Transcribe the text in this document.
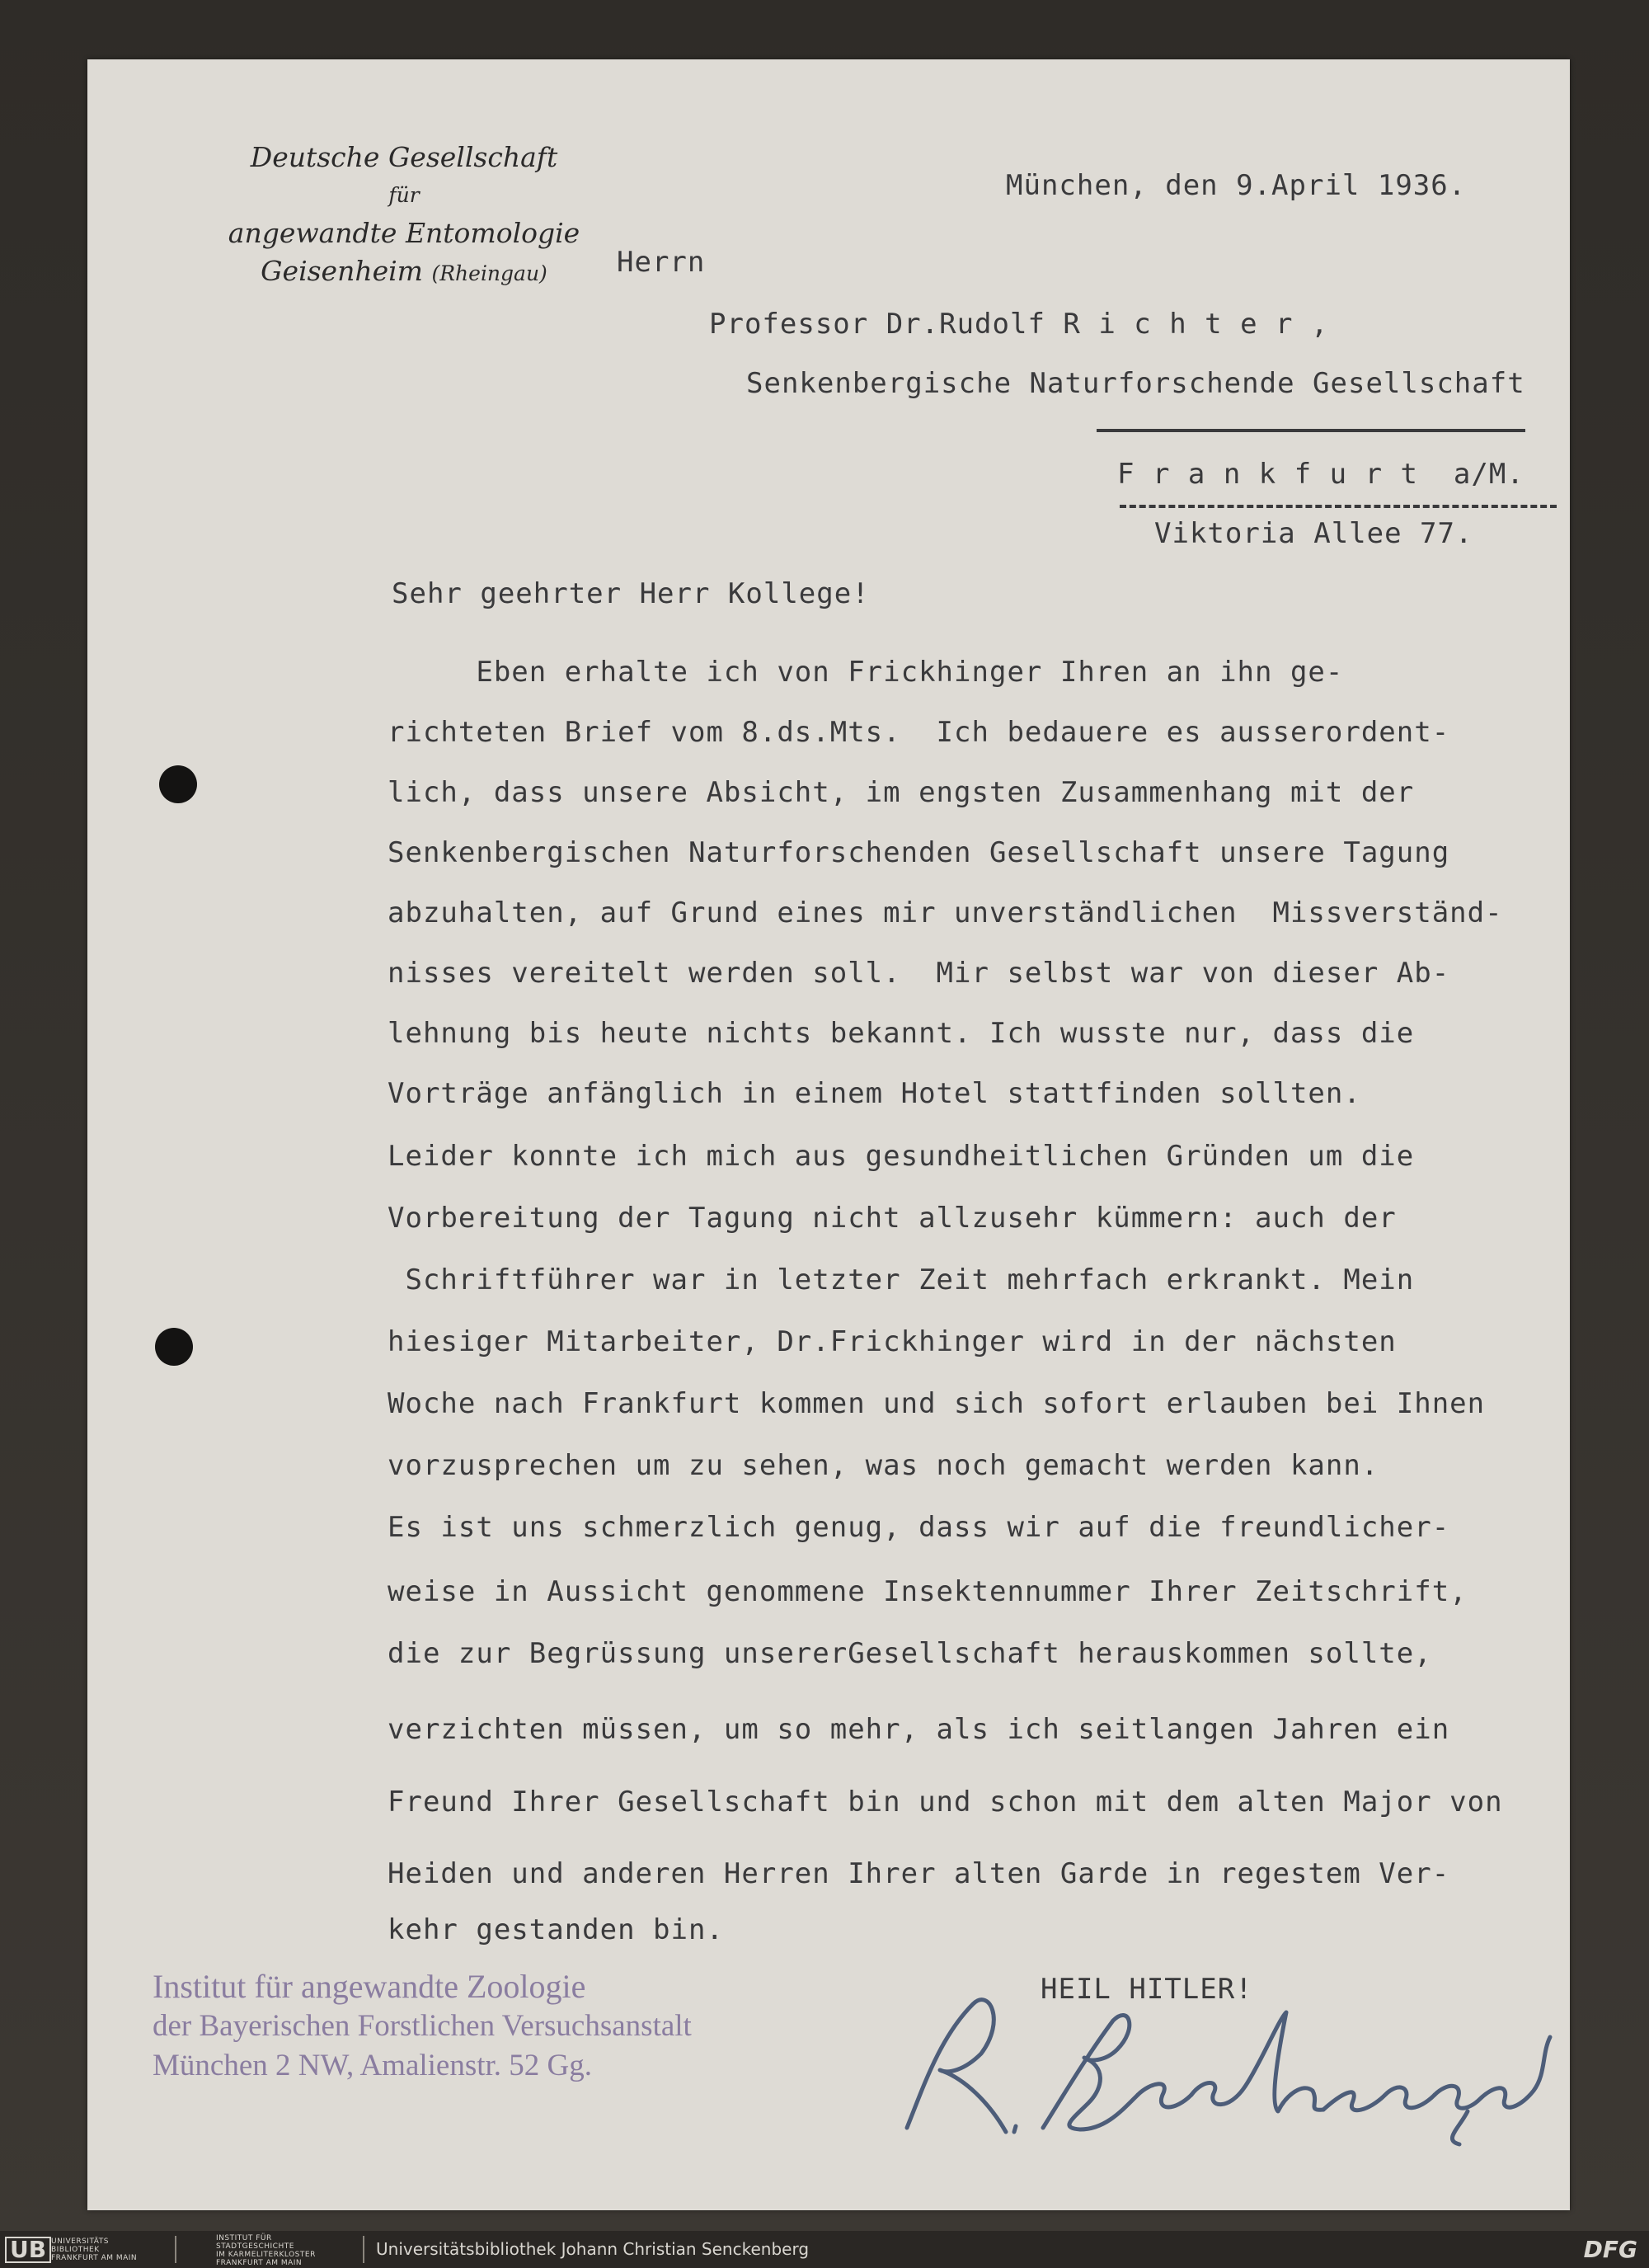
Deutsche Gesellschaft
für
angewandte Entomologie
Geisenheim (Rheingau)
München, den 9.April 1936.
Herrn
Professor Dr.Rudolf R i c h t e r ,
Senkenbergische Naturforschende Gesellschaft
F r a n k f u r t  a/M.
Viktoria Allee 77.
Sehr geehrter Herr Kollege!
Eben erhalte ich von Frickhinger Ihren an ihn ge-
richteten Brief vom 8.ds.Mts.  Ich bedauere es ausserordent-
lich, dass unsere Absicht, im engsten Zusammenhang mit der
Senkenbergischen Naturforschenden Gesellschaft unsere Tagung
abzuhalten, auf Grund eines mir unverständlichen  Missverständ-
nisses vereitelt werden soll.  Mir selbst war von dieser Ab-
lehnung bis heute nichts bekannt. Ich wusste nur, dass die
Vorträge anfänglich in einem Hotel stattfinden sollten.
Leider konnte ich mich aus gesundheitlichen Gründen um die
Vorbereitung der Tagung nicht allzusehr kümmern: auch der
Schriftführer war in letzter Zeit mehrfach erkrankt. Mein
hiesiger Mitarbeiter, Dr.Frickhinger wird in der nächsten
Woche nach Frankfurt kommen und sich sofort erlauben bei Ihnen
vorzusprechen um zu sehen, was noch gemacht werden kann.
Es ist uns schmerzlich genug, dass wir auf die freundlicher-
weise in Aussicht genommene Insektennummer Ihrer Zeitschrift,
die zur Begrüssung unsererGesellschaft herauskommen sollte,
verzichten müssen, um so mehr, als ich seitlangen Jahren ein
Freund Ihrer Gesellschaft bin und schon mit dem alten Major von
Heiden und anderen Herren Ihrer alten Garde in regestem Ver-
kehr gestanden bin.
HEIL HITLER!
Institut für angewandte Zoologie
der Bayerischen Forstlichen Versuchsanstalt
München 2 NW, Amalienstr. 52 Gg.
UB UNIVERSITÄTS
BIBLIOTHEK
FRANKFURT AM MAIN
INSTITUT FÜR
STADTGESCHICHTE
IM KARMELITERKLOSTER
FRANKFURT AM MAIN
Universitätsbibliothek Johann Christian Senckenberg	DFG
